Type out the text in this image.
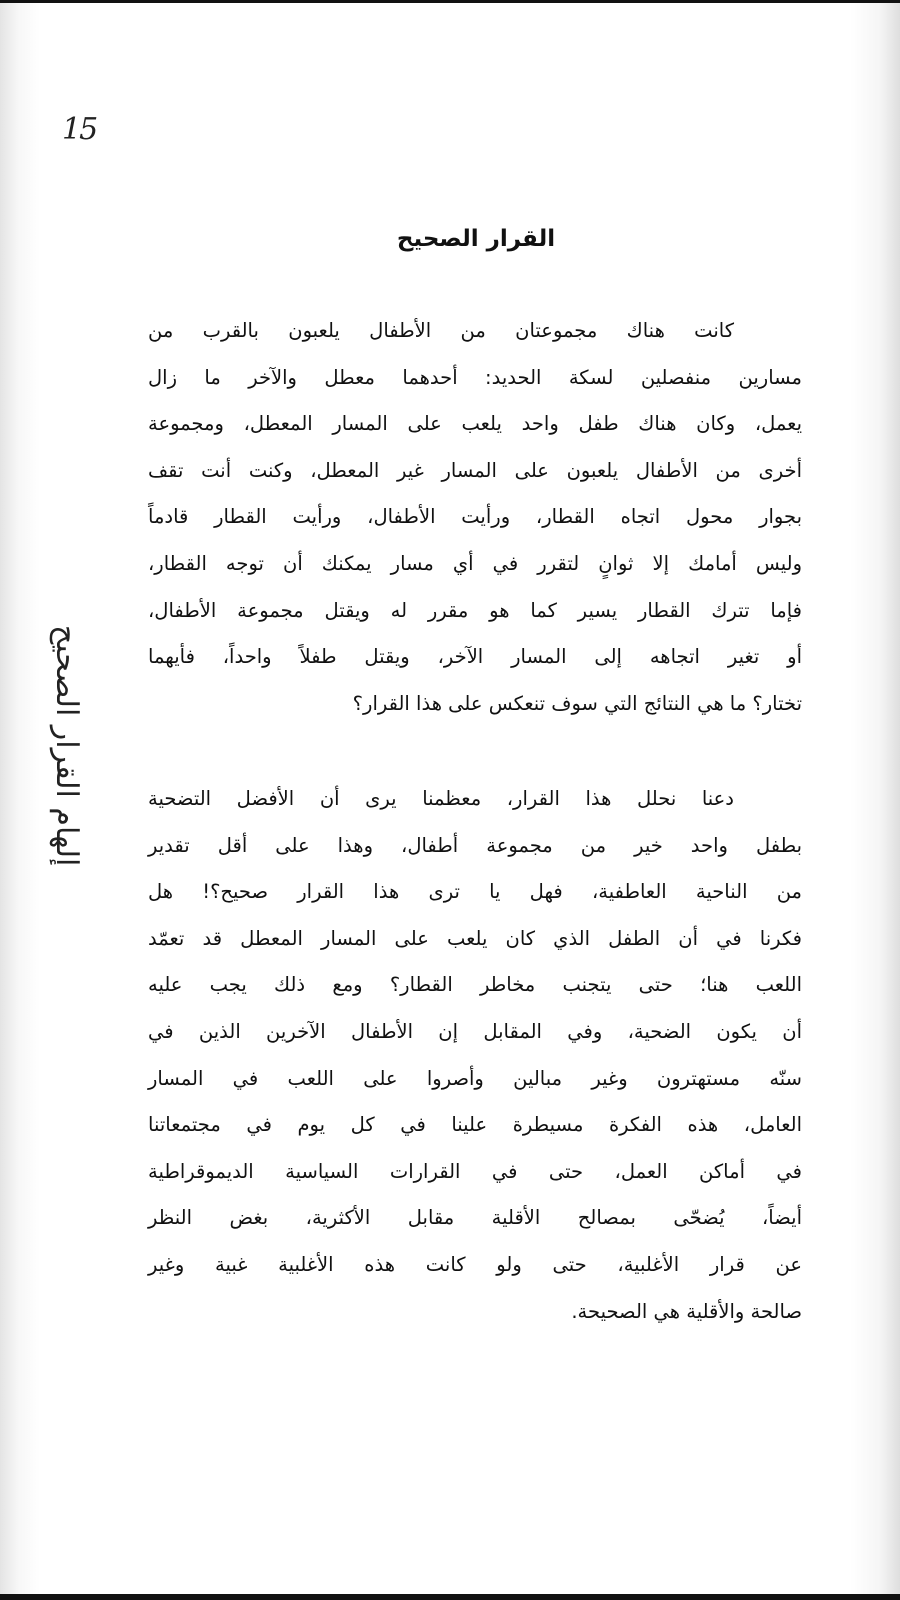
15
إلهام القرار الصحيح
القرار الصحيح
كانت هناك مجموعتان من الأطفال يلعبون بالقرب من
مسارين منفصلين لسكة الحديد: أحدهما معطل والآخر ما زال
يعمل، وكان هناك طفل واحد يلعب على المسار المعطل، ومجموعة
أخرى من الأطفال يلعبون على المسار غير المعطل، وكنت أنت تقف
بجوار محول اتجاه القطار، ورأيت الأطفال، ورأيت القطار قادماً
وليس أمامك إلا ثوانٍ لتقرر في أي مسار يمكنك أن توجه القطار،
فإما تترك القطار يسير كما هو مقرر له ويقتل مجموعة الأطفال،
أو تغير اتجاهه إلى المسار الآخر، ويقتل طفلاً واحداً، فأيهما
تختار؟ ما هي النتائج التي سوف تنعكس على هذا القرار؟
دعنا نحلل هذا القرار، معظمنا يرى أن الأفضل التضحية
بطفل واحد خير من مجموعة أطفال، وهذا على أقل تقدير
من الناحية العاطفية، فهل يا ترى هذا القرار صحيح؟! هل
فكرنا في أن الطفل الذي كان يلعب على المسار المعطل قد تعمّد
اللعب هنا؛ حتى يتجنب مخاطر القطار؟ ومع ذلك يجب عليه
أن يكون الضحية، وفي المقابل إن الأطفال الآخرين الذين في
سنّه مستهترون وغير مبالين وأصروا على اللعب في المسار
العامل، هذه الفكرة مسيطرة علينا في كل يوم في مجتمعاتنا
في أماكن العمل، حتى في القرارات السياسية الديموقراطية
أيضاً، يُضحّى بمصالح الأقلية مقابل الأكثرية، بغض النظر
عن قرار الأغلبية، حتى ولو كانت هذه الأغلبية غبية وغير
صالحة والأقلية هي الصحيحة.
